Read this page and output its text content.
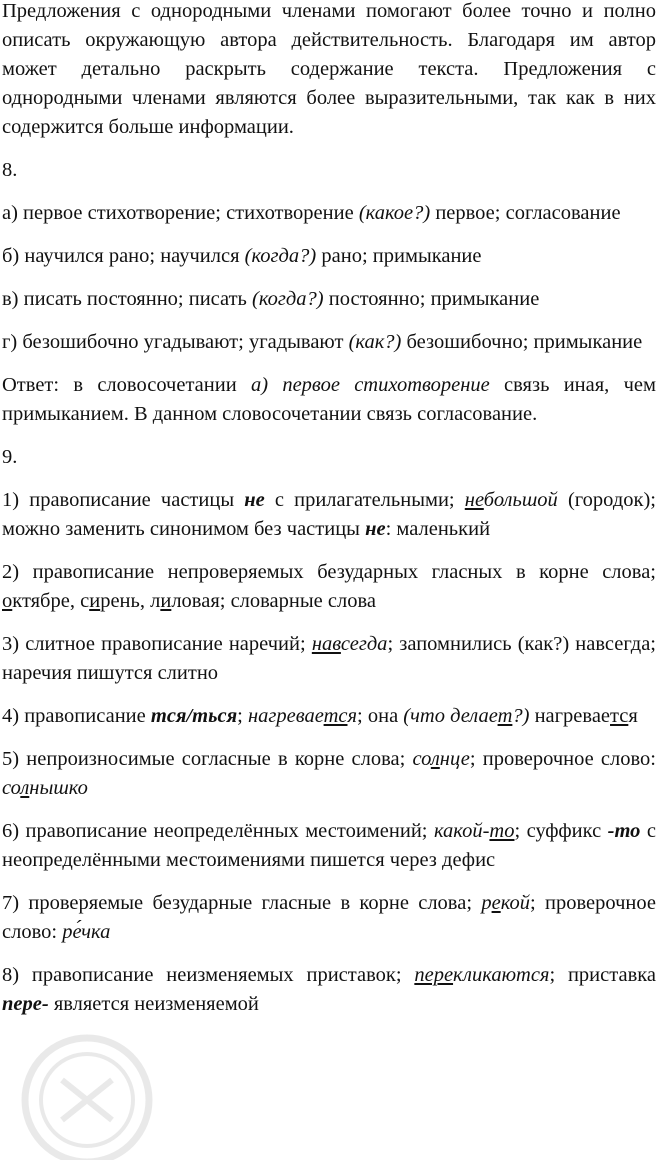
Предложения с однородными членами помогают более точно и полно описать окружающую автора действительность. Благодаря им автор может детально раскрыть содержание текста. Предложения с однородными членами являются более выразительными, так как в них содержится больше информации.

8.

а) первое стихотворение; стихотворение (какое?) первое; согласование

б) научился рано; научился (когда?) рано; примыкание

в) писать постоянно; писать (когда?) постоянно; примыкание

г) безошибочно угадывают; угадывают (как?) безошибочно; примыкание

Ответ: в словосочетании а) первое стихотворение связь иная, чем примыканием. В данном словосочетании связь согласование.

9.

1) правописание частицы не с прилагательными; небольшой (городок); можно заменить синонимом без частицы не: маленький

2) правописание непроверяемых безударных гласных в корне слова; октябре, сирень, лиловая; словарные слова

3) слитное правописание наречий; навсегда; запомнились (как?) навсегда; наречия пишутся слитно

4) правописание тся/ться; нагревается; она (что делает?) нагревается

5) непроизносимые согласные в корне слова; солнце; проверочное слово: солнышко

6) правописание неопределённых местоимений; какой-то; суффикс -то с неопределёнными местоимениями пишется через дефис

7) проверяемые безударные гласные в корне слова; рекой; проверочное слово: ре́чка

8) правописание неизменяемых приставок; перекликаются; приставка пере- является неизменяемой
